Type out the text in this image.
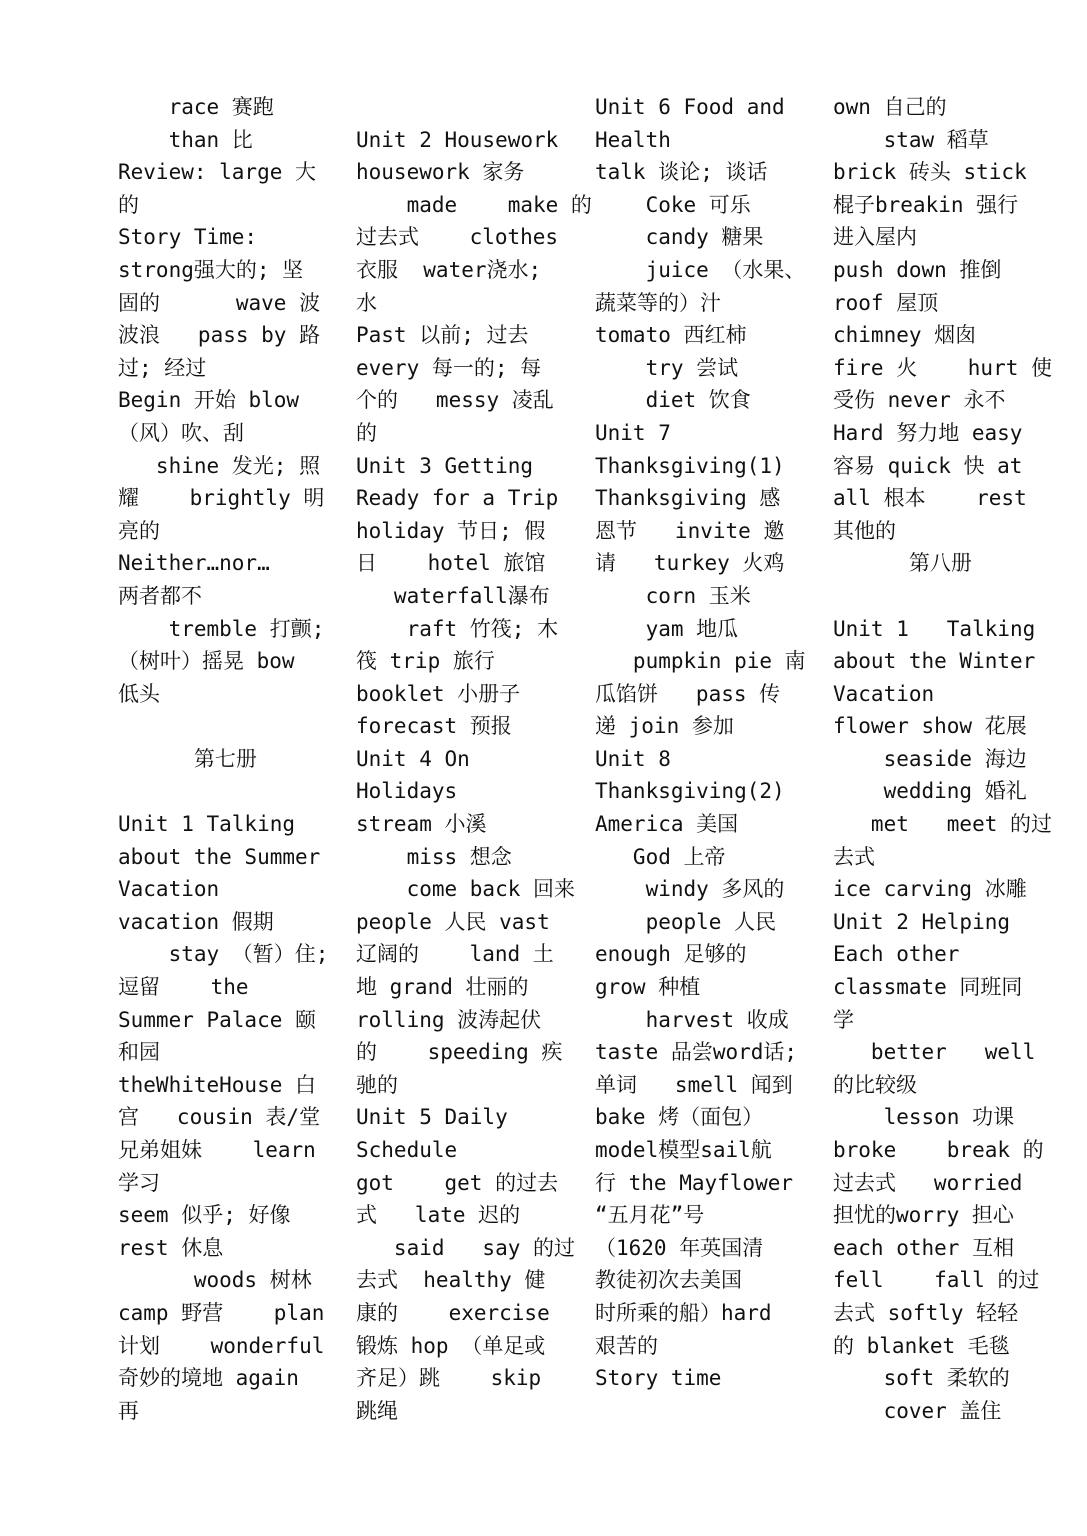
race 赛跑
than 比
Review: large 大
的
Story Time:
strong强大的; 坚
固的      wave 波
波浪   pass by 路
过; 经过
Begin 开始 blow
（风）吹、刮
shine 发光; 照
耀    brightly 明
亮的
Neither…nor…
两者都不
tremble 打颤;
（树叶）摇晃 bow
低头
第七册
Unit 1 Talking
about the Summer
Vacation
vacation 假期
stay （暂）住;
逗留    the
Summer Palace 颐
和园
theWhiteHouse 白
宫   cousin 表/堂
兄弟姐妹    learn
学习
seem 似乎; 好像
rest 休息
woods 树林
camp 野营    plan
计划    wonderful
奇妙的境地 again
再
Unit 2 Housework
housework 家务
made    make 的
过去式    clothes
衣服  water浇水;
水
Past 以前; 过去
every 每一的; 每
个的   messy 凌乱
的
Unit 3 Getting
Ready for a Trip
holiday 节日; 假
日    hotel 旅馆
waterfall瀑布
raft 竹筏; 木
筏 trip 旅行
booklet 小册子
forecast 预报
Unit 4 On
Holidays
stream 小溪
miss 想念
come back 回来
people 人民 vast
辽阔的    land 土
地 grand 壮丽的
rolling 波涛起伏
的    speeding 疾
驰的
Unit 5 Daily
Schedule
got    get 的过去
式   late 迟的
said   say 的过
去式  healthy 健
康的    exercise
锻炼 hop （单足或
齐足）跳    skip
跳绳
Unit 6 Food and
Health
talk 谈论; 谈话
Coke 可乐
candy 糖果
juice （水果、
蔬菜等的）汁
tomato 西红柿
try 尝试
diet 饮食
Unit 7
Thanksgiving(1)
Thanksgiving 感
恩节   invite 邀
请   turkey 火鸡
corn 玉米
yam 地瓜
pumpkin pie 南
瓜馅饼   pass 传
递 join 参加
Unit 8
Thanksgiving(2)
America 美国
God 上帝
windy 多风的
people 人民
enough 足够的
grow 种植
harvest 收成
taste 品尝word话;
单词   smell 闻到
bake 烤（面包）
model模型sail航
行 the Mayflower
“五月花”号
（1620 年英国清
教徒初次去美国
时所乘的船）hard
艰苦的
Story time
own 自己的
staw 稻草
brick 砖头 stick
棍子breakin 强行
进入屋内
push down 推倒
roof 屋顶
chimney 烟囱
fire 火    hurt 使
受伤 never 永不
Hard 努力地 easy
容易 quick 快 at
all 根本    rest
其他的
第八册
Unit 1   Talking
about the Winter
Vacation
flower show 花展
seaside 海边
wedding 婚礼
met   meet 的过
去式
ice carving 冰雕
Unit 2 Helping
Each other
classmate 同班同
学
better   well
的比较级
lesson 功课
broke    break 的
过去式   worried
担忧的worry 担心
each other 互相
fell    fall 的过
去式 softly 轻轻
的 blanket 毛毯
soft 柔软的
cover 盖住
